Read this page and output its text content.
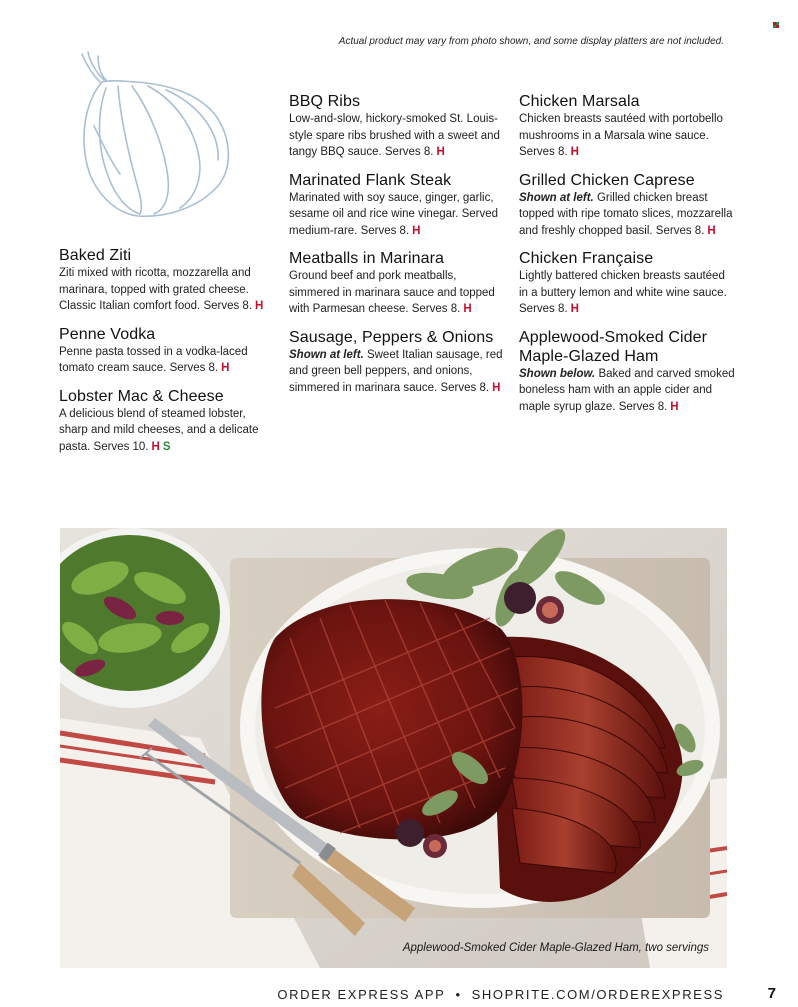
Actual product may vary from photo shown, and some display platters are not included.
Baked Ziti
Ziti mixed with ricotta, mozzarella and marinara, topped with grated cheese. Classic Italian comfort food. Serves 8. H
Penne Vodka
Penne pasta tossed in a vodka-laced tomato cream sauce. Serves 8. H
Lobster Mac & Cheese
A delicious blend of steamed lobster, sharp and mild cheeses, and a delicate pasta. Serves 10. H S
BBQ Ribs
Low-and-slow, hickory-smoked St. Louis-style spare ribs brushed with a sweet and tangy BBQ sauce. Serves 8. H
Marinated Flank Steak
Marinated with soy sauce, ginger, garlic, sesame oil and rice wine vinegar. Served medium-rare. Serves 8. H
Meatballs in Marinara
Ground beef and pork meatballs, simmered in marinara sauce and topped with Parmesan cheese. Serves 8. H
Sausage, Peppers & Onions
Shown at left. Sweet Italian sausage, red and green bell peppers, and onions, simmered in marinara sauce. Serves 8. H
Chicken Marsala
Chicken breasts sautéed with portobello mushrooms in a Marsala wine sauce. Serves 8. H
Grilled Chicken Caprese
Shown at left. Grilled chicken breast topped with ripe tomato slices, mozzarella and freshly chopped basil. Serves 8. H
Chicken Française
Lightly battered chicken breasts sautéed in a buttery lemon and white wine sauce. Serves 8. H
Applewood-Smoked Cider Maple-Glazed Ham
Shown below. Baked and carved smoked boneless ham with an apple cider and maple syrup glaze. Serves 8. H
Applewood-Smoked Cider Maple-Glazed Ham, two servings
ORDER EXPRESS APP • SHOPRITE.COM/ORDEREXPRESS	7
